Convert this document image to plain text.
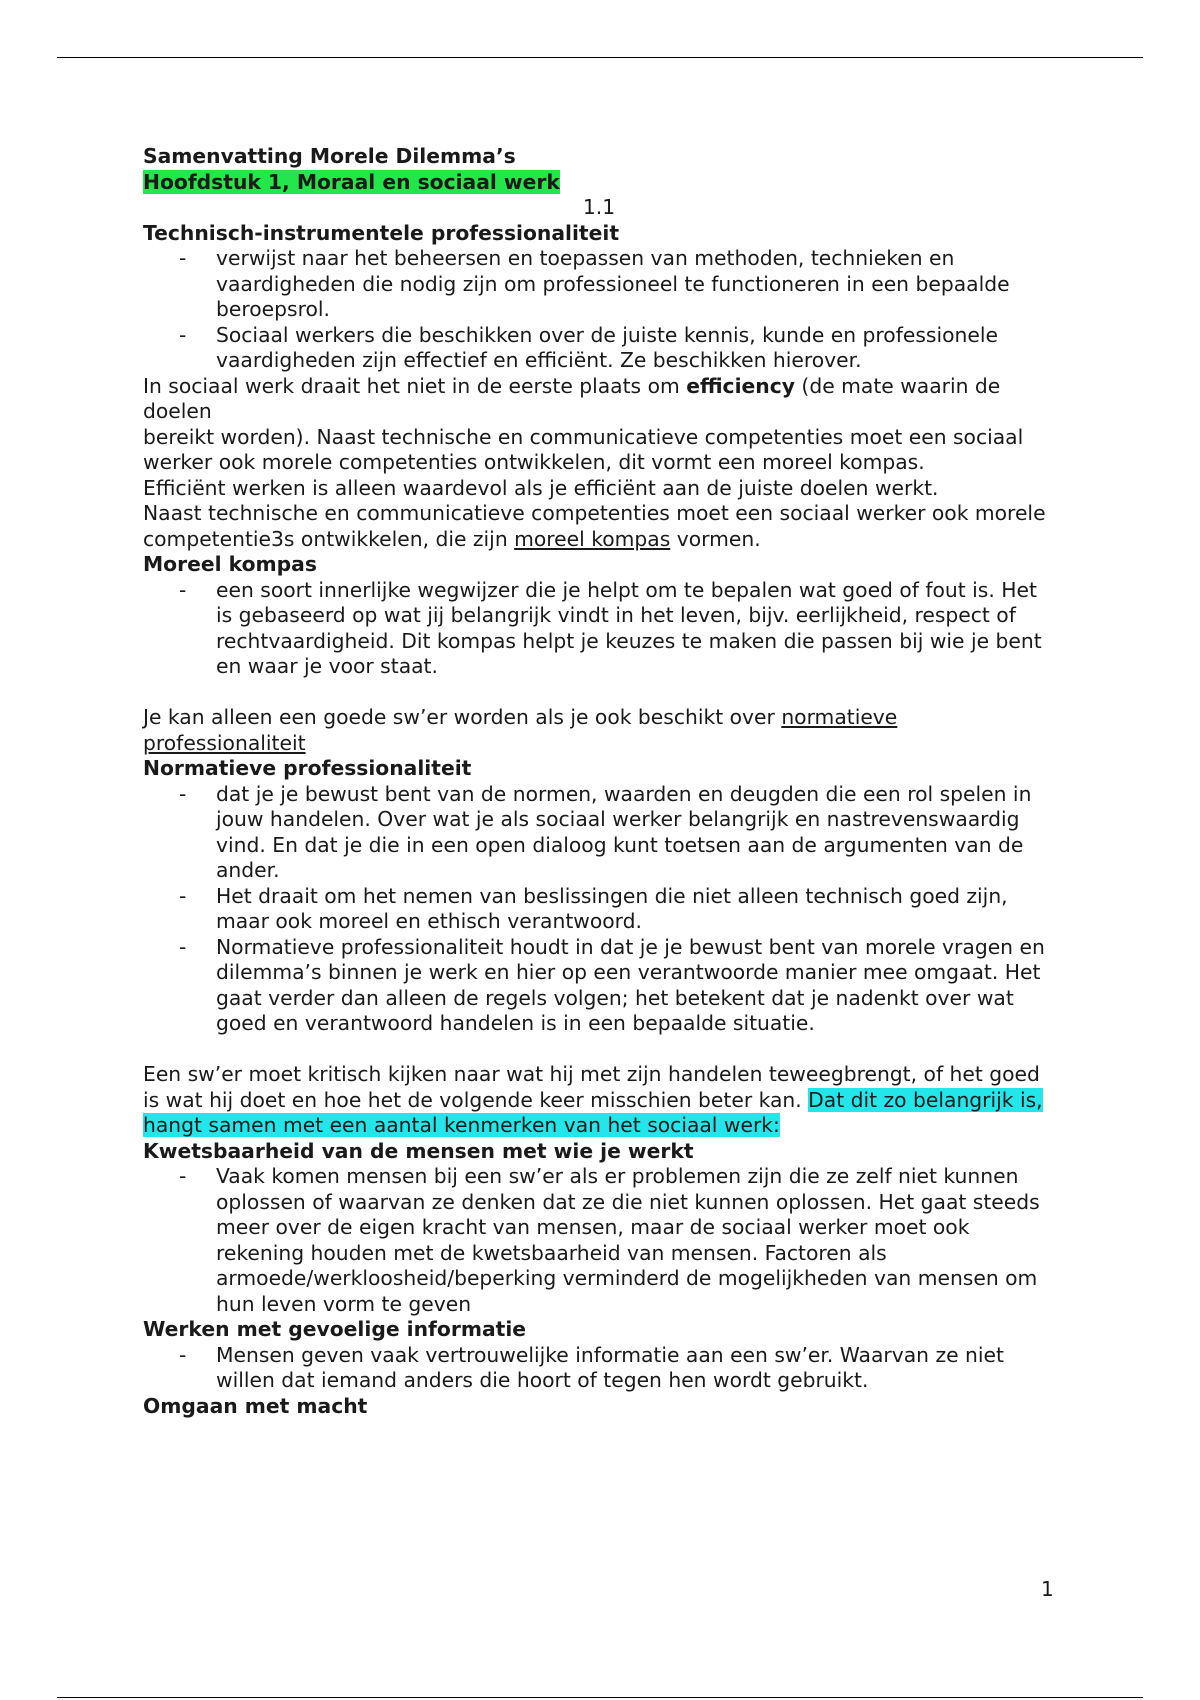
Samenvatting Morele Dilemma’s

Hoofdstuk 1, Moraal en sociaal werk

1.1

Technisch-instrumentele professionaliteit

- verwijst naar het beheersen en toepassen van methoden, technieken en vaardigheden die nodig zijn om professioneel te functioneren in een bepaalde beroepsrol.
- Sociaal werkers die beschikken over de juiste kennis, kunde en professionele vaardigheden zijn effectief en efficiënt. Ze beschikken hierover.

In sociaal werk draait het niet in de eerste plaats om efficiency (de mate waarin de doelen

bereikt worden). Naast technische en communicatieve competenties moet een sociaal

werker ook morele competenties ontwikkelen, dit vormt een moreel kompas.

Efficiënt werken is alleen waardevol als je efficiënt aan de juiste doelen werkt.

Naast technische en communicatieve competenties moet een sociaal werker ook morele competentie3s ontwikkelen, die zijn moreel kompas vormen.

Moreel kompas

- een soort innerlijke wegwijzer die je helpt om te bepalen wat goed of fout is. Het is gebaseerd op wat jij belangrijk vindt in het leven, bijv. eerlijkheid, respect of rechtvaardigheid. Dit kompas helpt je keuzes te maken die passen bij wie je bent en waar je voor staat.

Je kan alleen een goede sw’er worden als je ook beschikt over normatieve professionaliteit

Normatieve professionaliteit

- dat je je bewust bent van de normen, waarden en deugden die een rol spelen in jouw handelen. Over wat je als sociaal werker belangrijk en nastrevenswaardig vind. En dat je die in een open dialoog kunt toetsen aan de argumenten van de ander.
- Het draait om het nemen van beslissingen die niet alleen technisch goed zijn, maar ook moreel en ethisch verantwoord.
- Normatieve professionaliteit houdt in dat je je bewust bent van morele vragen en dilemma’s binnen je werk en hier op een verantwoorde manier mee omgaat. Het gaat verder dan alleen de regels volgen; het betekent dat je nadenkt over wat goed en verantwoord handelen is in een bepaalde situatie.

Een sw’er moet kritisch kijken naar wat hij met zijn handelen teweegbrengt, of het goed is wat hij doet en hoe het de volgende keer misschien beter kan. Dat dit zo belangrijk is, hangt samen met een aantal kenmerken van het sociaal werk:

Kwetsbaarheid van de mensen met wie je werkt

- Vaak komen mensen bij een sw’er als er problemen zijn die ze zelf niet kunnen oplossen of waarvan ze denken dat ze die niet kunnen oplossen. Het gaat steeds meer over de eigen kracht van mensen, maar de sociaal werker moet ook rekening houden met de kwetsbaarheid van mensen. Factoren als armoede/werkloosheid/beperking verminderd de mogelijkheden van mensen om hun leven vorm te geven

Werken met gevoelige informatie

- Mensen geven vaak vertrouwelijke informatie aan een sw’er. Waarvan ze niet willen dat iemand anders die hoort of tegen hen wordt gebruikt.

Omgaan met macht

1
